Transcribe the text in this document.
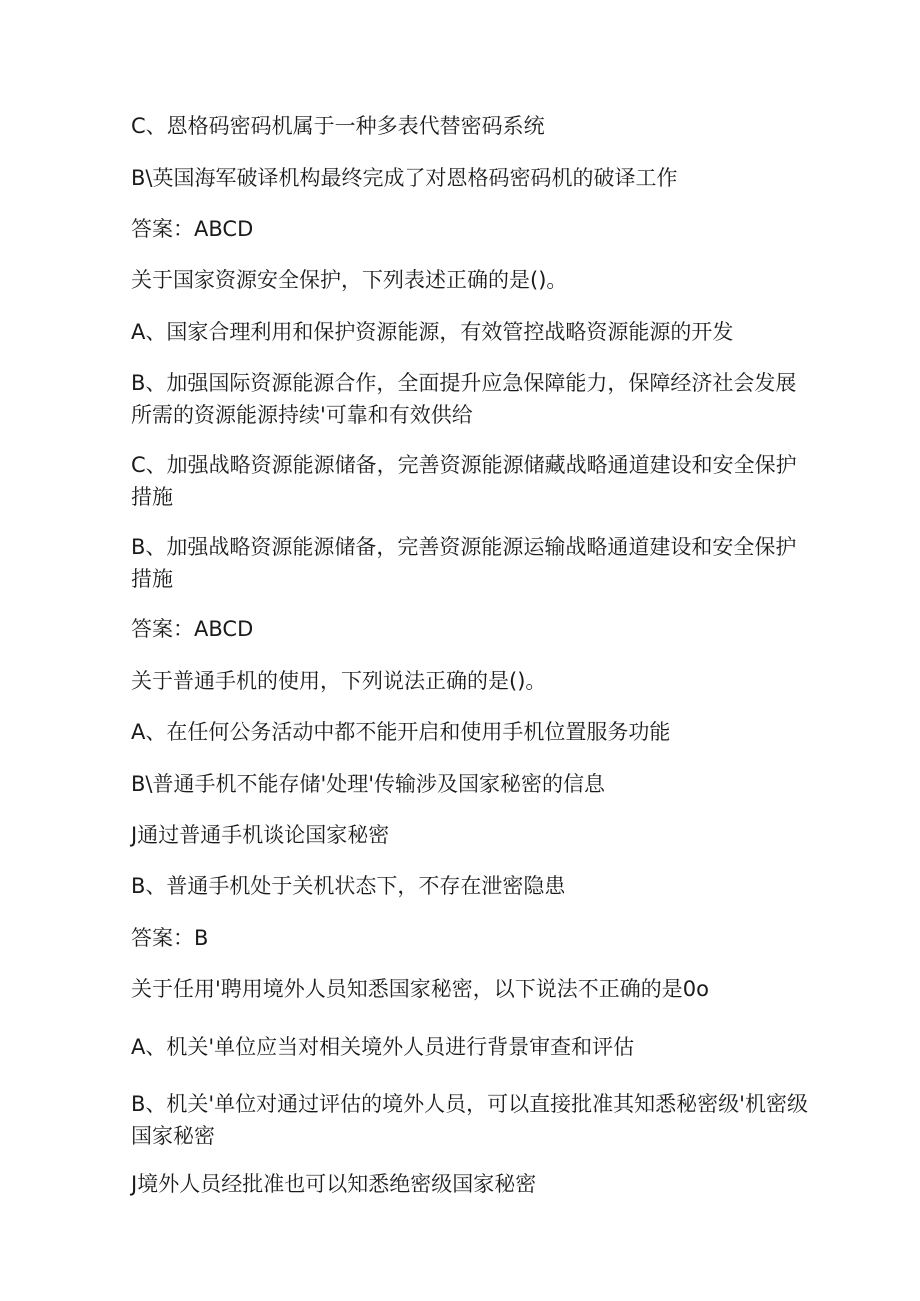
C、恩格码密码机属于一种多表代替密码系统
B\英国海军破译机构最终完成了对恩格码密码机的破译工作
答案：ABCD
关于国家资源安全保护，下列表述正确的是()。
A、国家合理利用和保护资源能源，有效管控战略资源能源的开发
B、加强国际资源能源合作，全面提升应急保障能力，保障经济社会发展所需的资源能源持续'可靠和有效供给
C、加强战略资源能源储备，完善资源能源储藏战略通道建设和安全保护措施
B、加强战略资源能源储备，完善资源能源运输战略通道建设和安全保护措施
答案：ABCD
关于普通手机的使用，下列说法正确的是()。
A、在任何公务活动中都不能开启和使用手机位置服务功能
B\普通手机不能存储'处理'传输涉及国家秘密的信息
J通过普通手机谈论国家秘密
B、普通手机处于关机状态下，不存在泄密隐患
答案：B
关于任用'聘用境外人员知悉国家秘密，以下说法不正确的是0o
A、机关'单位应当对相关境外人员进行背景审查和评估
B、机关'单位对通过评估的境外人员，可以直接批准其知悉秘密级'机密级国家秘密
J境外人员经批准也可以知悉绝密级国家秘密
